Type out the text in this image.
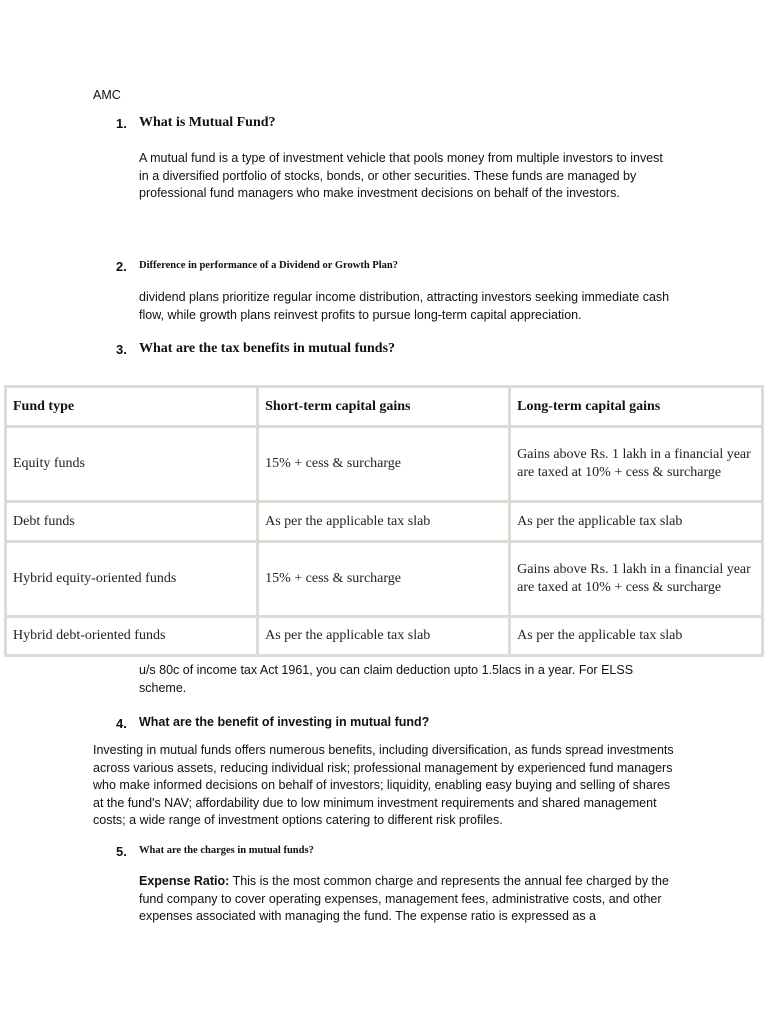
AMC
1. What is Mutual Fund?

A mutual fund is a type of investment vehicle that pools money from multiple investors to invest in a diversified portfolio of stocks, bonds, or other securities. These funds are managed by professional fund managers who make investment decisions on behalf of the investors.

2. Difference in performance of a Dividend or Growth Plan?

dividend plans prioritize regular income distribution, attracting investors seeking immediate cash flow, while growth plans reinvest profits to pursue long-term capital appreciation.

3. What are the tax benefits in mutual funds?
Fund type	Short-term capital gains	Long-term capital gains
Equity funds	15% + cess & surcharge	Gains above Rs. 1 lakh in a financial year are taxed at 10% + cess & surcharge
Debt funds	As per the applicable tax slab	As per the applicable tax slab
Hybrid equity-oriented funds	15% + cess & surcharge	Gains above Rs. 1 lakh in a financial year are taxed at 10% + cess & surcharge
Hybrid debt-oriented funds	As per the applicable tax slab	As per the applicable tax slab

u/s 80c of income tax Act 1961, you can claim deduction upto 1.5lacs in a year. For ELSS scheme.

4. What are the benefit of investing in mutual fund?

Investing in mutual funds offers numerous benefits, including diversification, as funds spread investments across various assets, reducing individual risk; professional management by experienced fund managers who make informed decisions on behalf of investors; liquidity, enabling easy buying and selling of shares at the fund's NAV; affordability due to low minimum investment requirements and shared management costs; a wide range of investment options catering to different risk profiles.

5. What are the charges in mutual funds?

Expense Ratio: This is the most common charge and represents the annual fee charged by the fund company to cover operating expenses, management fees, administrative costs, and other expenses associated with managing the fund. The expense ratio is expressed as a
